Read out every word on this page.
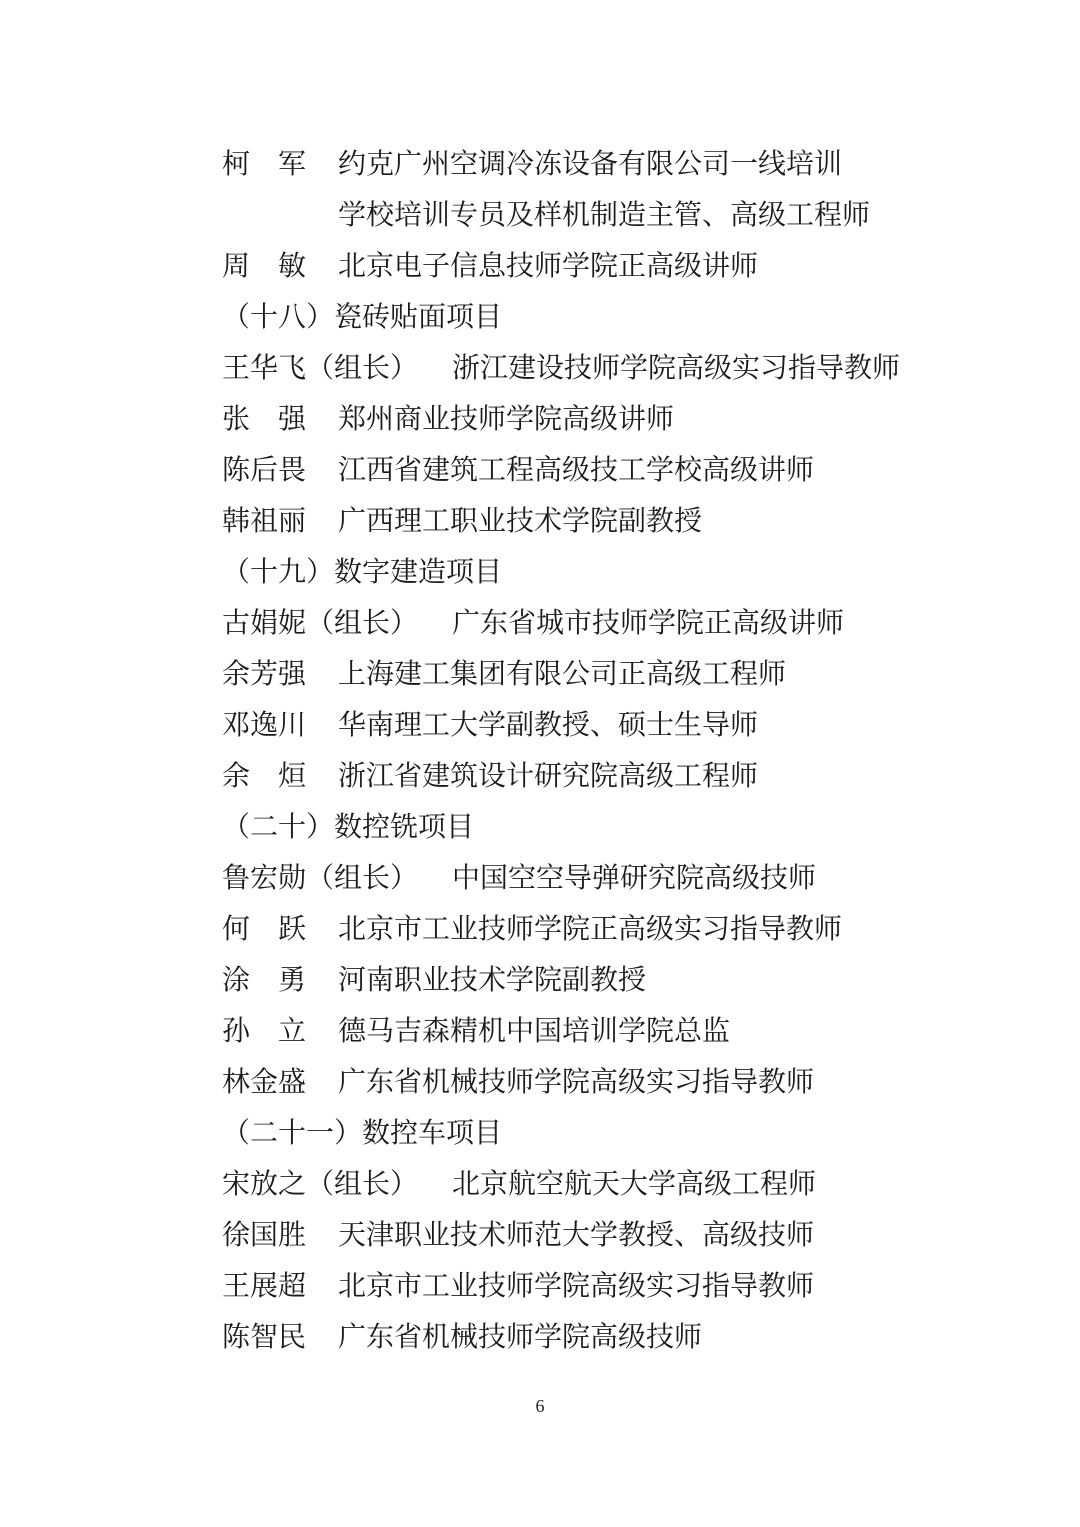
柯　军 约克广州空调冷冻设备有限公司一线培训
学校培训专员及样机制造主管、高级工程师
周　敏 北京电子信息技师学院正高级讲师
（十八）瓷砖贴面项目
王华飞（组长） 浙江建设技师学院高级实习指导教师
张　强 郑州商业技师学院高级讲师
陈后畏 江西省建筑工程高级技工学校高级讲师
韩祖丽 广西理工职业技术学院副教授
（十九）数字建造项目
古娟妮（组长） 广东省城市技师学院正高级讲师
余芳强 上海建工集团有限公司正高级工程师
邓逸川 华南理工大学副教授、硕士生导师
余　烜 浙江省建筑设计研究院高级工程师
（二十）数控铣项目
鲁宏勋（组长） 中国空空导弹研究院高级技师
何　跃 北京市工业技师学院正高级实习指导教师
涂　勇 河南职业技术学院副教授
孙　立 德马吉森精机中国培训学院总监
林金盛 广东省机械技师学院高级实习指导教师
（二十一）数控车项目
宋放之（组长） 北京航空航天大学高级工程师
徐国胜 天津职业技术师范大学教授、高级技师
王展超 北京市工业技师学院高级实习指导教师
陈智民 广东省机械技师学院高级技师
6
